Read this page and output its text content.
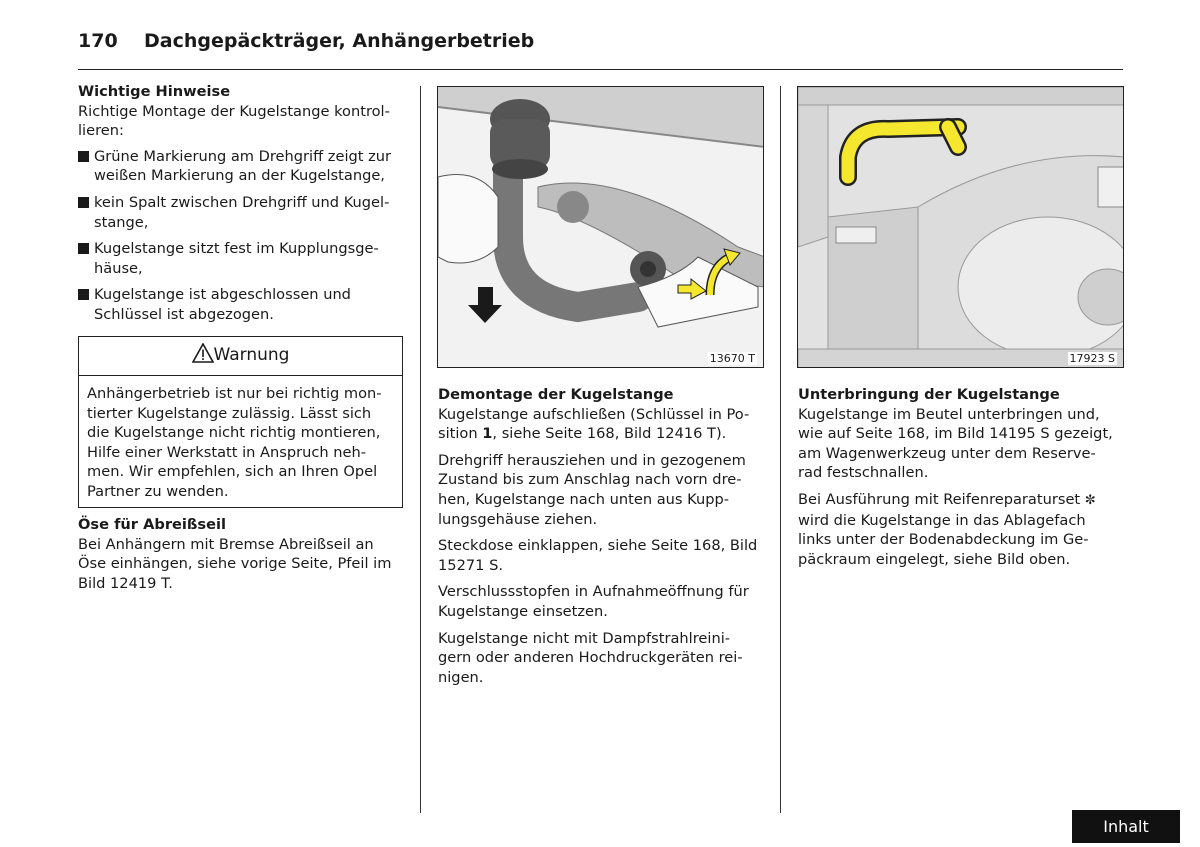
170 Dachgepäckträger, Anhängerbetrieb
Wichtige Hinweise
Richtige Montage der Kugelstange kontrol-
lieren:
Grüne Markierung am Drehgriff zeigt zur
weißen Markierung an der Kugelstange,
kein Spalt zwischen Drehgriff und Kugel-
stange,
Kugelstange sitzt fest im Kupplungsge-
häuse,
Kugelstange ist abgeschlossen und
Schlüssel ist abgezogen.
Warnung
Anhängerbetrieb ist nur bei richtig mon-
tierter Kugelstange zulässig. Lässt sich
die Kugelstange nicht richtig montieren,
Hilfe einer Werkstatt in Anspruch neh-
men. Wir empfehlen, sich an Ihren Opel
Partner zu wenden.
Öse für Abreißseil
Bei Anhängern mit Bremse Abreißseil an
Öse einhängen, siehe vorige Seite, Pfeil im
Bild 12419 T.
13670 T	17923 S
Demontage der Kugelstange

Kugelstange aufschließen (Schlüssel in Po-
sition 1, siehe Seite 168, Bild 12416 T).

Drehgriff herausziehen und in gezogenem
Zustand bis zum Anschlag nach vorn dre-
hen, Kugelstange nach unten aus Kupp-
lungsgehäuse ziehen.

Steckdose einklappen, siehe Seite 168, Bild
15271 S.

Verschlussstopfen in Aufnahmeöffnung für
Kugelstange einsetzen.

Kugelstange nicht mit Dampfstrahlreini-
gern oder anderen Hochdruckgeräten rei-
nigen.

Unterbringung der Kugelstange

Kugelstange im Beutel unterbringen und,
wie auf Seite 168, im Bild 14195 S gezeigt,
am Wagenwerkzeug unter dem Reserve-
rad festschnallen.

Bei Ausführung mit Reifenreparaturset ✼
wird die Kugelstange in das Ablagefach
links unter der Bodenabdeckung im Ge-
päckraum eingelegt, siehe Bild oben.

Inhalt
